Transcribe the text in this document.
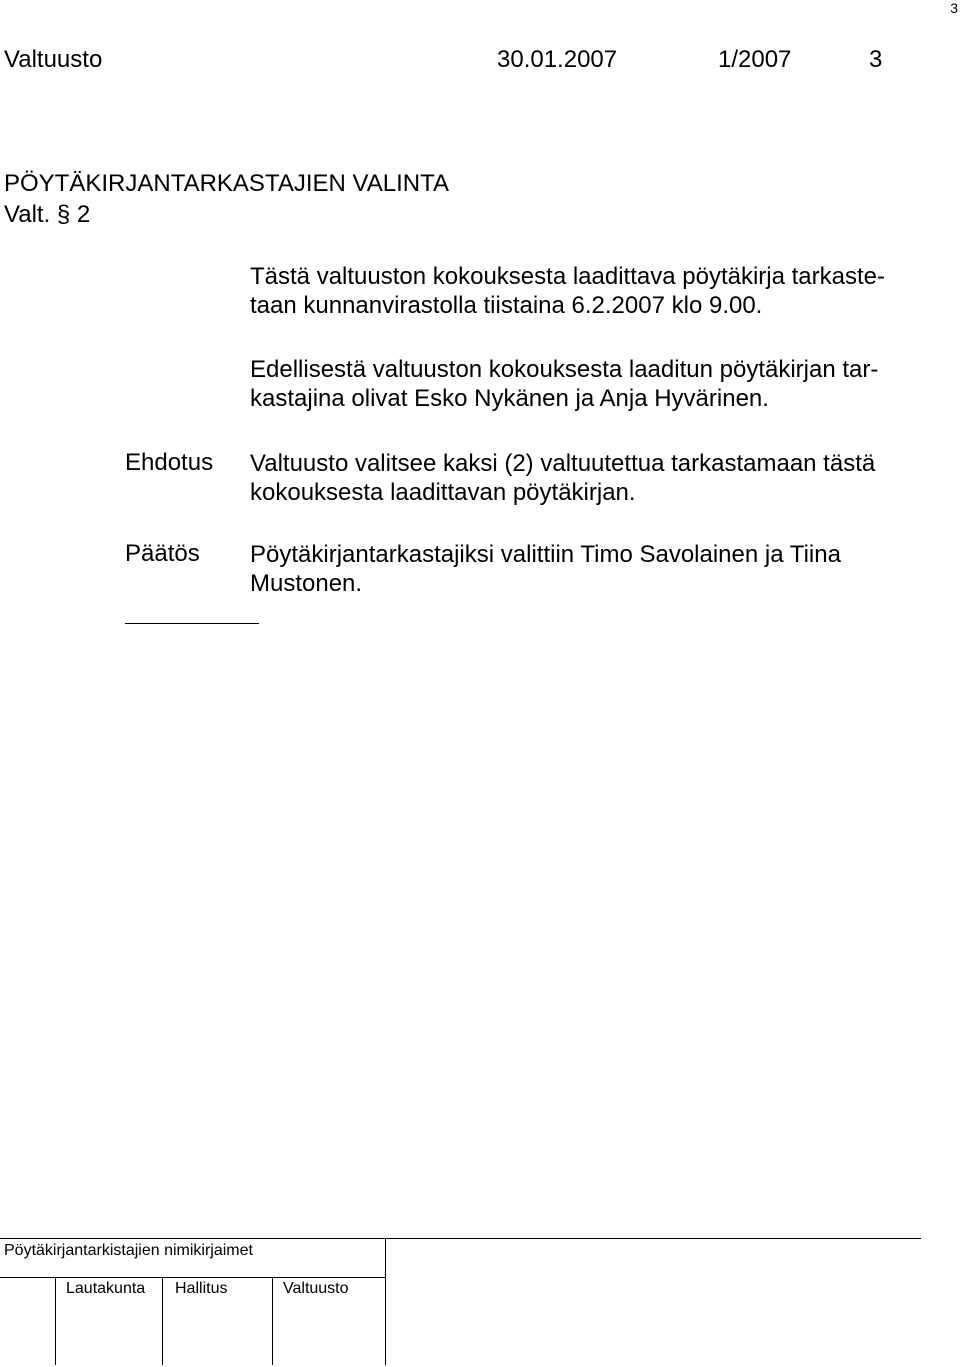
3
Valtuusto	30.01.2007	1/2007	3
PÖYTÄKIRJANTARKASTAJIEN VALINTA
Valt. § 2
Tästä valtuuston kokouksesta laadittava pöytäkirja tarkaste-
taan kunnanvirastolla tiistaina 6.2.2007 klo 9.00.
Edellisestä valtuuston kokouksesta laaditun pöytäkirjan tar-
kastajina olivat Esko Nykänen ja Anja Hyvärinen.
Ehdotus Valtuusto valitsee kaksi (2) valtuutettua tarkastamaan tästä
kokouksesta laadittavan pöytäkirjan.
Päätös Pöytäkirjantarkastajiksi valittiin Timo Savolainen ja Tiina
Mustonen.
Pöytäkirjantarkistajien nimikirjaimet
Lautakunta Hallitus	Valtuusto
